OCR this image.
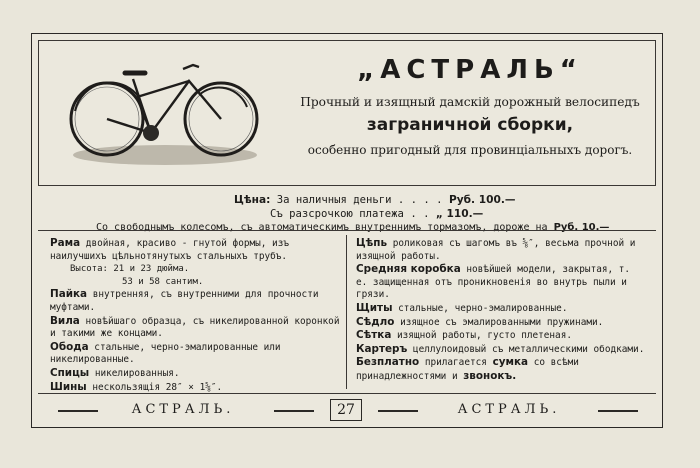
„АСТРАЛЬ“
Прочный и изящный дамскій дорожный велосипедъ
заграничной сборки,
особенно пригодный для провинціальныхъ дорогъ.
Цѣна: За наличныя деньги . . . . Руб. 100.—
Съ разсрочкою платежа . . „ 110.—
Со свободнымъ колесомъ, съ автоматическимъ внутреннимъ тормазомъ, дороже на Руб. 10.—
Рама двойная, красиво - гнутой формы, изъ наилучшихъ цѣльнотянутыхъ стальныхъ трубъ.
Высота: 21 и 23 дюйма.
53 и 58 сантим.
Пайка внутренняя, съ внутренними для прочности муфтами.
Вила новѣйшаго образца, съ никелированной коронкой и такими же концами.
Обода стальные, черно-эмалированные или никелированные.
Спицы никелированныя.
Шины нескользящія 28″ × 1⅝″.
Цѣпь роликовая съ шагомъ въ ⅝″, весьма прочной и изящной работы.
Средняя коробка новѣйшей модели, закрытая, т. е. защищенная отъ проникновенія во внутрь пыли и грязи.
Щиты стальные, черно-эмалированные.
Сѣдло изящное съ эмалированными пружинами.
Сѣтка изящной работы, густо плетеная.
Картеръ целлулоидовый съ металлическими ободками.
Безплатно прилагается сумка со всѣми принадлежностями и звонокъ.
АСТРАЛЬ.	27	АСТРАЛЬ.
